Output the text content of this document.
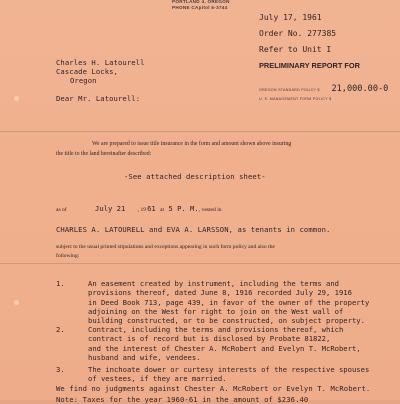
PORTLAND 4, OREGON
PHONE CApitol 6-3744
July 17, 1961
Order No. 277385
Refer to Unit I
PRELIMINARY REPORT FOR
OREGON STANDARD POLICY $ 21,000.00-0
U. S. MANAGEMENT FORM POLICY $
Charles H. Latourell
Cascade Locks,
Oregon
Dear Mr. Latourell:
We are prepared to issue title insurance in the form and amount shown above insuring
the title to the land hereinafter described:
-See attached description sheet-
as of	July 21 , 1961 at 5 P. M., vested in
CHARLES A. LATOURELL and EVA A. LARSSON, as tenants in common.
subject to the usual printed stipulations and exceptions appearing in such form policy and also the
following:
1.	An easement created by instrument, including the terms and
provisions thereof, dated June 8, 1916 recorded July 29, 1916
in Deed Book 713, page 439, in favor of the owner of the property
adjoining on the West for right to join on the West wall of
building constructed, or to be constructed, on subject property.
2.	Contract, including the terms and provisions thereof, which
contract is of record but is disclosed by Probate 81822,
and the interest of Chester A. McRobert and Evelyn T. McRobert,
husband and wife, vendees.
3.	The inchoate dower or curtesy interests of the respective spouses
of vestees, if they are married.
We find no judgments against Chester A. McRobert or Evelyn T. McRobert.
Note: Taxes for the year 1960-61 in the amount of $236.40
